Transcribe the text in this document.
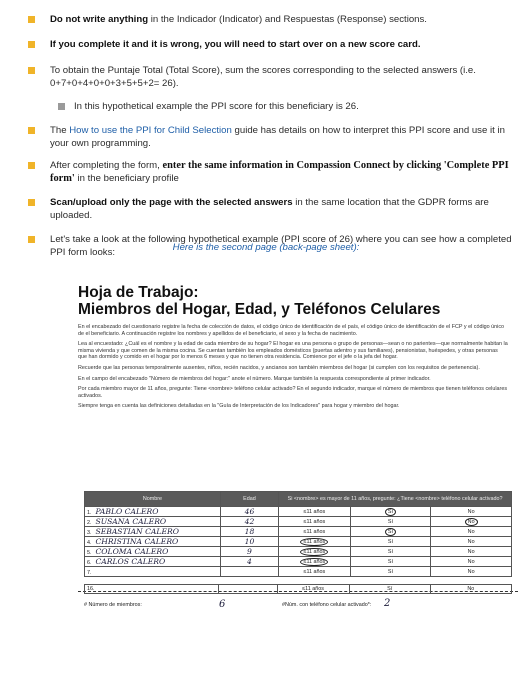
Do not write anything in the Indicador (Indicator) and Respuestas (Response) sections.
If you complete it and it is wrong, you will need to start over on a new score card.
To obtain the Puntaje Total (Total Score), sum the scores corresponding to the selected answers (i.e. 0+7+0+4+0+0+3+5+5+2= 26).
In this hypothetical example the PPI score for this beneficiary is 26.
The How to use the PPI for Child Selection guide has details on how to interpret this PPI score and use it in your own programming.
After completing the form, enter the same information in Compassion Connect by clicking 'Complete PPI form' in the beneficiary profile
Scan/upload only the page with the selected answers in the same location that the GDPR forms are uploaded.
Let's take a look at the following hypothetical example (PPI score of 26) where you can see how a completed PPI form looks:	Here is the second page (back-page sheet):
Hoja de Trabajo:
Miembros del Hogar, Edad, y Teléfonos Celulares
En el encabezado del cuestionario registre la fecha de colección de datos, el código único de identificación de el país, el código único de identificación de el FCP y el código único de el beneficiario. A continuación registre los nombres y apellidos de el beneficiario, el sexo y la fecha de nacimiento.
Lea al encuestado: ¿Cuál es el nombre y la edad de cada miembro de su hogar? El hogar es una persona o grupo de personas—sean o no parientes—que normalmente habitan la misma vivienda y que comen de la misma cocina. Se cuentan también los empleados domésticos (puertas adentro y sus familiares), pensionistas, huéspedes, y otras personas que han dormido y comido en el hogar por lo menos 6 meses y que no tienen otra residencia. Comience por el jefe o la jefa del hogar.
Recuerde que las personas temporalmente ausentes, niños, recién nacidos, y ancianos son también miembros del hogar (si cumplen con los requisitos de pertenencia).
En el campo del encabezado "Número de miembros del hogar:" anote el número. Marque también la respuesta correspondiente al primer indicador.
Por cada miembro mayor de 11 años, pregunte: Tiene <nombre> teléfono celular activado? En el segundo indicador, marque el número de miembros que tienen teléfonos celulares activados.
Siempre tenga en cuenta las definiciones detalladas en la "Guía de Interpretación de los Indicadores" para hogar y miembro del hogar.
Nombre	Edad	Si <nombre> es mayor de 11 años, pregunte: ¿Tiene <nombre> teléfono celular activado?		
1. PABLO CALERO	46	≤11 años	Sí	No
2. SUSANA CALERO	42	≤11 años	Sí	No
3. SEBASTIAN CALERO	18	≤11 años	Sí	No
4. CHRISTINA CALERO	10	≤11 años	Sí	No
5. COLOMA CALERO	9	≤11 años	Sí	No
6. CARLOS CALERO	4	≤11 años	Sí	No
7.		≤11 años	Sí	No
16.		≤11 años	Sí	No
# Número de miembros:	6	#Núm. con teléfono celular activado*: 2
